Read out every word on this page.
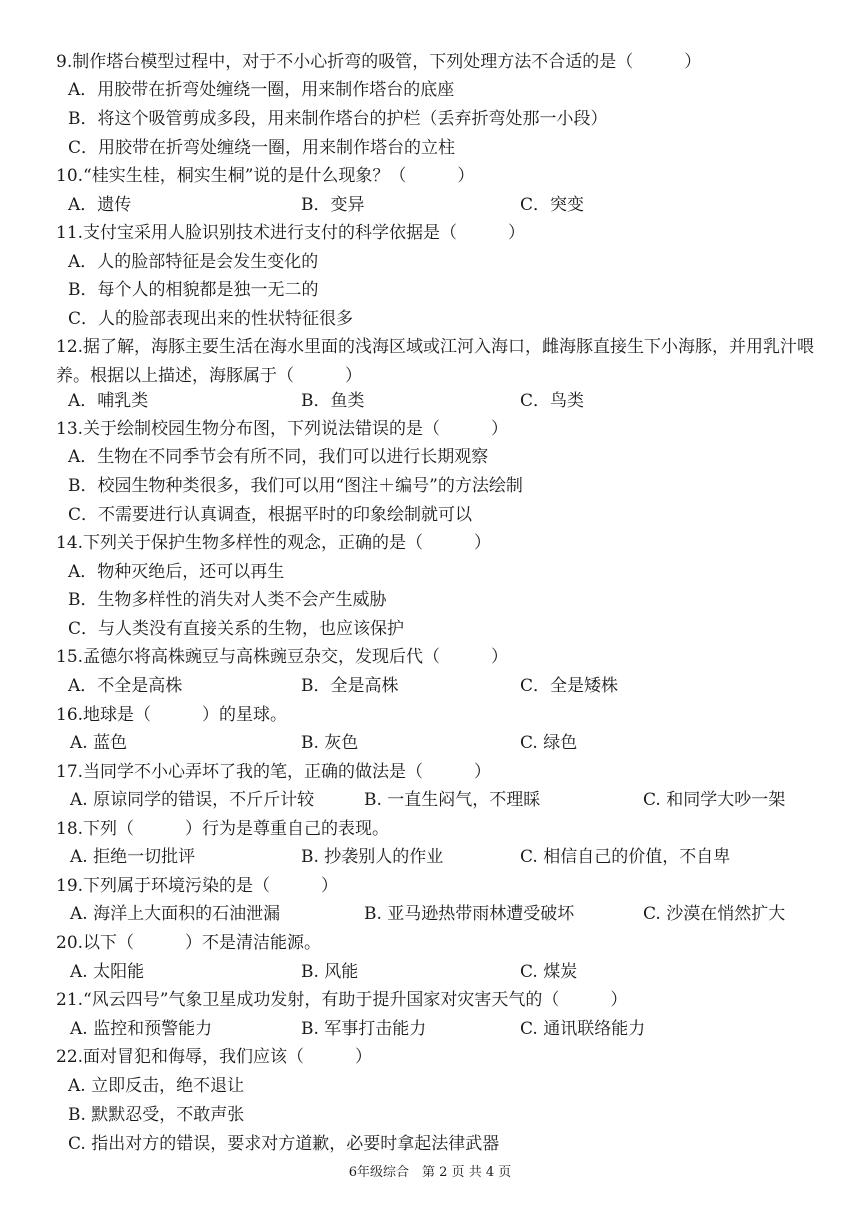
9.制作塔台模型过程中，对于不小心折弯的吸管，下列处理方法不合适的是（　　　）
A．用胶带在折弯处缠绕一圈，用来制作塔台的底座
B．将这个吸管剪成多段，用来制作塔台的护栏（丢弃折弯处那一小段）
C．用胶带在折弯处缠绕一圈，用来制作塔台的立柱
10.“桂实生桂，桐实生桐”说的是什么现象？（　　　）
A．遗传	B．变异	C．突变
11.支付宝采用人脸识别技术进行支付的科学依据是（　　　）
A．人的脸部特征是会发生变化的
B．每个人的相貌都是独一无二的
C．人的脸部表现出来的性状特征很多
12.据了解，海豚主要生活在海水里面的浅海区域或江河入海口，雌海豚直接生下小海豚，并用乳汁喂养。根据以上描述，海豚属于（　　　）
A．哺乳类	B．鱼类	C．鸟类
13.关于绘制校园生物分布图，下列说法错误的是（　　　）
A．生物在不同季节会有所不同，我们可以进行长期观察
B．校园生物种类很多，我们可以用“图注＋编号”的方法绘制
C．不需要进行认真调查，根据平时的印象绘制就可以
14.下列关于保护生物多样性的观念，正确的是（　　　）
A．物种灭绝后，还可以再生
B．生物多样性的消失对人类不会产生威胁
C．与人类没有直接关系的生物，也应该保护
15.孟德尔将高株豌豆与高株豌豆杂交，发现后代（　　　）
A．不全是高株	B．全是高株	C．全是矮株
16.地球是（　　　）的星球。
A. 蓝色	B. 灰色	C. 绿色
17.当同学不小心弄坏了我的笔，正确的做法是（　　　）
A. 原谅同学的错误，不斤斤计较	B. 一直生闷气，不理睬	C. 和同学大吵一架
18.下列（　　　）行为是尊重自己的表现。
A. 拒绝一切批评	B. 抄袭别人的作业	C. 相信自己的价值，不自卑
19.下列属于环境污染的是（　　　）
A. 海洋上大面积的石油泄漏	B. 亚马逊热带雨林遭受破坏	C. 沙漠在悄然扩大
20.以下（　　　）不是清洁能源。
A. 太阳能	B. 风能	C. 煤炭
21.“风云四号”气象卫星成功发射，有助于提升国家对灾害天气的（　　　）
A. 监控和预警能力	B. 军事打击能力	C. 通讯联络能力
22.面对冒犯和侮辱，我们应该（　　　）
A. 立即反击，绝不退让
B. 默默忍受，不敢声张
C. 指出对方的错误，要求对方道歉，必要时拿起法律武器
6年级综合　第 2 页 共 4 页
